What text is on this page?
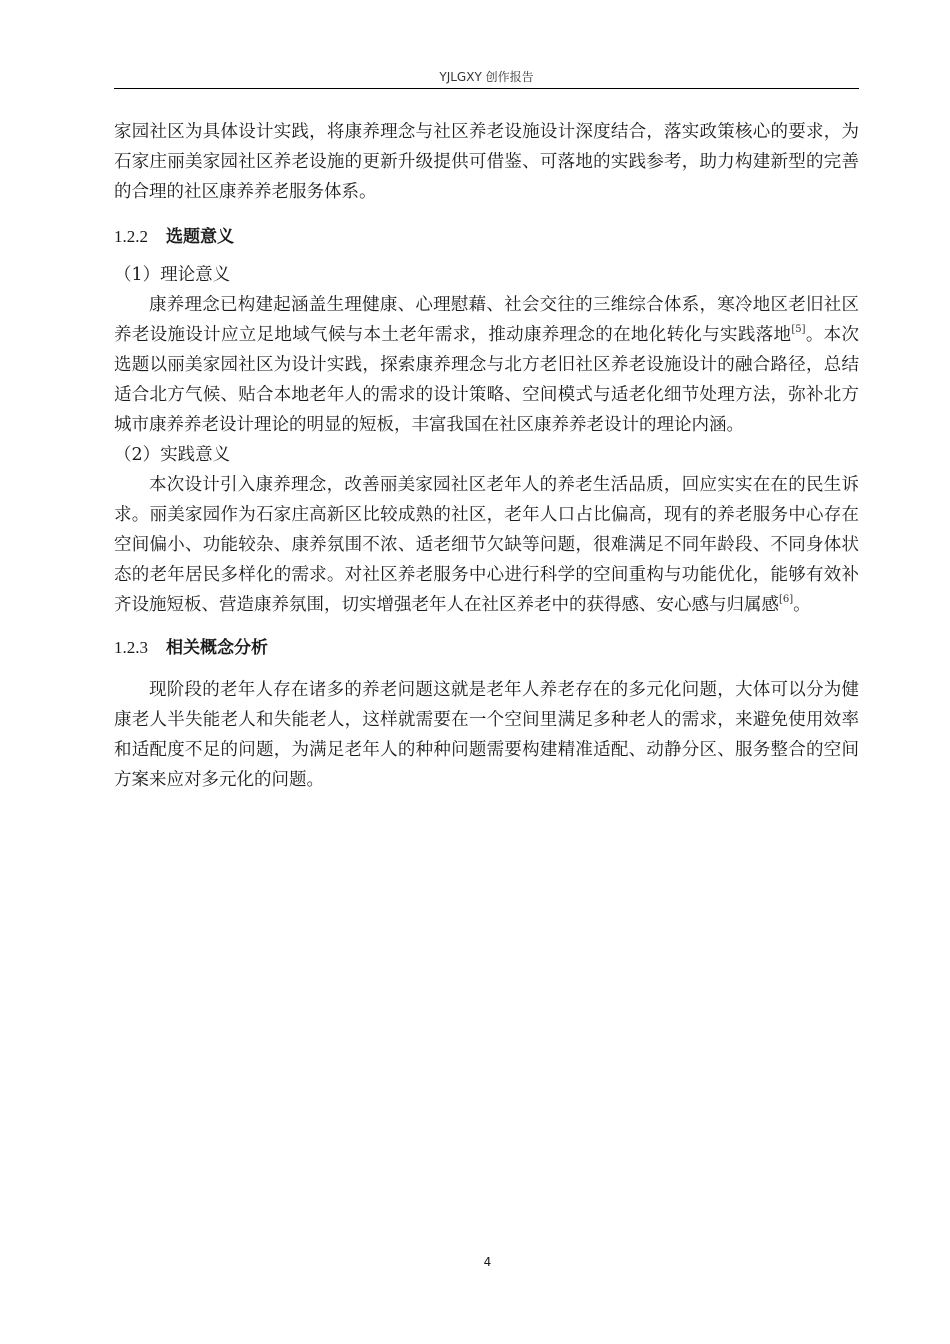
YJLGXY 创作报告

家园社区为具体设计实践，将康养理念与社区养老设施设计深度结合，落实政策核心的要求，为石家庄丽美家园社区养老设施的更新升级提供可借鉴、可落地的实践参考，助力构建新型的完善的合理的社区康养养老服务体系。

1.2.2 选题意义

（1）理论意义

康养理念已构建起涵盖生理健康、心理慰藉、社会交往的三维综合体系，寒冷地区老旧社区养老设施设计应立足地域气候与本土老年需求，推动康养理念的在地化转化与实践落地[5]。本次选题以丽美家园社区为设计实践，探索康养理念与北方老旧社区养老设施设计的融合路径，总结适合北方气候、贴合本地老年人的需求的设计策略、空间模式与适老化细节处理方法，弥补北方城市康养养老设计理论的明显的短板，丰富我国在社区康养养老设计的理论内涵。

（2）实践意义

本次设计引入康养理念，改善丽美家园社区老年人的养老生活品质，回应实实在在的民生诉求。丽美家园作为石家庄高新区比较成熟的社区，老年人口占比偏高，现有的养老服务中心存在空间偏小、功能较杂、康养氛围不浓、适老细节欠缺等问题，很难满足不同年龄段、不同身体状态的老年居民多样化的需求。对社区养老服务中心进行科学的空间重构与功能优化，能够有效补齐设施短板、营造康养氛围，切实增强老年人在社区养老中的获得感、安心感与归属感[6]。

1.2.3 相关概念分析

现阶段的老年人存在诸多的养老问题这就是老年人养老存在的多元化问题，大体可以分为健康老人半失能老人和失能老人，这样就需要在一个空间里满足多种老人的需求，来避免使用效率和适配度不足的问题，为满足老年人的种种问题需要构建精准适配、动静分区、服务整合的空间方案来应对多元化的问题。

4
